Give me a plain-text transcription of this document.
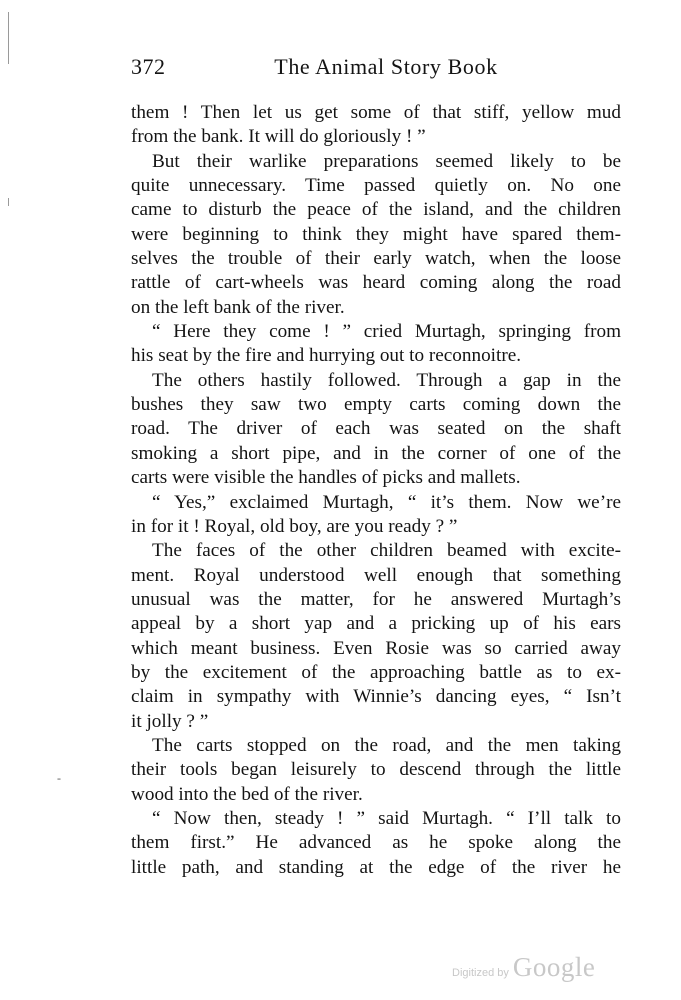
372	The Animal Story Book
them ! Then let us get some of that stiff, yellow mud
from the bank. It will do gloriously ! ”
But their warlike preparations seemed likely to be
quite unnecessary. Time passed quietly on. No one
came to disturb the peace of the island, and the children
were beginning to think they might have spared them-
selves the trouble of their early watch, when the loose
rattle of cart-wheels was heard coming along the road
on the left bank of the river.
“ Here they come ! ” cried Murtagh, springing from
his seat by the fire and hurrying out to reconnoitre.
The others hastily followed. Through a gap in the
bushes they saw two empty carts coming down the
road. The driver of each was seated on the shaft
smoking a short pipe, and in the corner of one of the
carts were visible the handles of picks and mallets.
“ Yes,” exclaimed Murtagh, “ it’s them. Now we’re
in for it ! Royal, old boy, are you ready ? ”
The faces of the other children beamed with excite-
ment. Royal understood well enough that something
unusual was the matter, for he answered Murtagh’s
appeal by a short yap and a pricking up of his ears
which meant business. Even Rosie was so carried away
by the excitement of the approaching battle as to ex-
claim in sympathy with Winnie’s dancing eyes, “ Isn’t
it jolly ? ”
The carts stopped on the road, and the men taking
their tools began leisurely to descend through the little
wood into the bed of the river.
“ Now then, steady ! ” said Murtagh. “ I’ll talk to
them first.” He advanced as he spoke along the
little path, and standing at the edge of the river he
-
Digitized by Google
